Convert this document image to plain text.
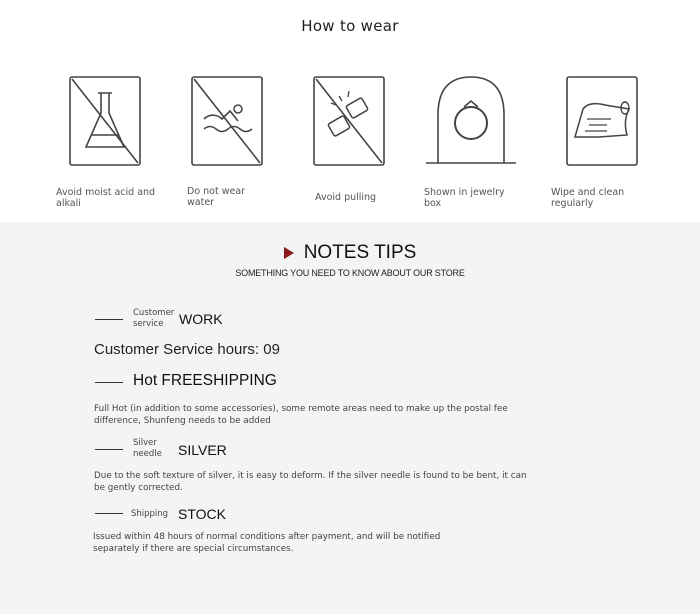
How to wear
Avoid moist acid and alkali
Do not wear water	Avoid pulling	Shown in jewelry box
Wipe and clean regularly
NOTES TIPS
SOMETHING YOU NEED TO KNOW ABOUT OUR STORE
Customer service	WORK
Customer Service hours: 09
Hot FREESHIPPING
Full Hot (in addition to some accessories), some remote areas need to make up the postal fee difference, Shunfeng needs to be added
Silver needle	SILVER
Due to the soft texture of silver, it is easy to deform. If the silver needle is found to be bent, it can be gently corrected.
Shipping STOCK
Issued within 48 hours of normal conditions after payment, and will be notified separately if there are special circumstances.
